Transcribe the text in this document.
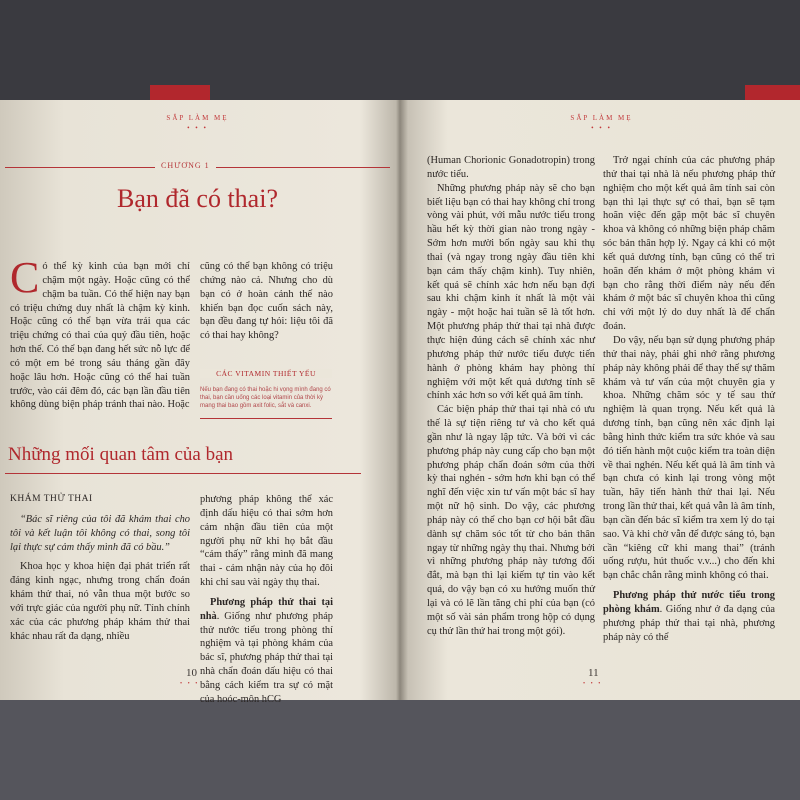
SẮP LÀM MẸ
• • •
CHƯƠNG 1
Bạn đã có thai?

Có thể kỳ kinh của bạn mới chỉ chậm một ngày. Hoặc cũng có thể chậm ba tuần. Có thể hiện nay bạn có triệu chứng duy nhất là chậm kỳ kinh. Hoặc cũng có thể bạn vừa trải qua các triệu chứng có thai của quý đầu tiên, hoặc hơn thế. Có thể bạn đang hết sức nỗ lực để có một em bé trong sáu tháng gần đây hoặc lâu hơn. Hoặc cũng có thể hai tuần trước, vào cái đêm đó, các bạn lần đầu tiên không dùng biện pháp tránh thai nào. Hoặc

cũng có thể bạn không có triệu chứng nào cả. Nhưng cho dù bạn có ở hoàn cảnh thế nào khiến bạn đọc cuốn sách này, bạn đều đang tự hỏi: liệu tôi đã có thai hay không?

CÁC VITAMIN THIẾT YẾU
Nếu bạn đang có thai hoặc hi vọng mình đang có thai, bạn cần uống các loại vitamin của thời kỳ mang thai bao gồm axit folic, sắt và canxi.
Những mối quan tâm của bạn

KHÁM THỬ THAI

“Bác sĩ riêng của tôi đã khám thai cho tôi và kết luận tôi không có thai, song tôi lại thực sự cảm thấy mình đã có bầu.”

Khoa học y khoa hiện đại phát triển rất đáng kinh ngạc, nhưng trong chẩn đoán khám thử thai, nó vẫn thua một bước so với trực giác của người phụ nữ. Tính chính xác của các phương pháp khám thử thai khác nhau rất đa dạng, nhiều

phương pháp không thể xác định dấu hiệu có thai sớm hơn cảm nhận đầu tiên của một người phụ nữ khi họ bắt đầu “cảm thấy” rằng mình đã mang thai - cảm nhận này của họ đôi khi chỉ sau vài ngày thụ thai.

Phương pháp thử thai tại nhà. Giống như phương pháp thử nước tiểu trong phòng thí nghiệm và tại phòng khám của bác sĩ, phương pháp thử thai tại nhà chẩn đoán dấu hiệu có thai bằng cách kiểm tra sự có mặt của hoóc-môn hCG

10
• • •
SẮP LÀM MẸ
• • •

(Human Chorionic Gonadotropin) trong nước tiểu.

Những phương pháp này sẽ cho bạn biết liệu bạn có thai hay không chỉ trong vòng vài phút, với mẫu nước tiểu trong hầu hết kỳ thời gian nào trong ngày - Sớm hơn mười bốn ngày sau khi thụ thai (và ngay trong ngày đầu tiên khi bạn cảm thấy chậm kinh). Tuy nhiên, kết quả sẽ chính xác hơn nếu bạn đợi sau khi chậm kinh ít nhất là một vài ngày - một hoặc hai tuần sẽ là tốt hơn. Một phương pháp thử thai tại nhà được thực hiện đúng cách sẽ chính xác như phương pháp thử nước tiểu được tiến hành ở phòng khám hay phòng thí nghiệm với một kết quả dương tính sẽ chính xác hơn so với kết quả âm tính.

Các biện pháp thử thai tại nhà có ưu thế là sự tiện riêng tư và cho kết quả gần như là ngay lập tức. Và bởi vì các phương pháp này cung cấp cho bạn một phương pháp chẩn đoán sớm của thời kỳ thai nghén - sớm hơn khi bạn có thể nghĩ đến việc xin tư vấn một bác sĩ hay một nữ hộ sinh. Do vậy, các phương pháp này có thể cho bạn cơ hội bắt đầu dành sự chăm sóc tốt từ cho bản thân ngay từ những ngày thụ thai. Nhưng bởi vì những phương pháp này tương đối đắt, mà bạn thì lại kiếm tự tin vào kết quả, do vậy bạn có xu hướng muốn thử lại và có lẽ lần tăng chi phí của bạn (có một số vài sản phẩm trong hộp có dụng cụ thử lần thứ hai trong một gói).

Trở ngại chính của các phương pháp thử thai tại nhà là nếu phương pháp thử nghiệm cho một kết quả âm tính sai còn bạn thì lại thực sự có thai, bạn sẽ tạm hoãn việc đến gặp một bác sĩ chuyên khoa và không có những biện pháp chăm sóc bản thân hợp lý. Ngay cả khi có một kết quả dương tính, bạn cũng có thể trì hoãn đến khám ở một phòng khám vì bạn cho rằng thời điểm này nếu đến khám ở một bác sĩ chuyên khoa thì cũng chỉ với một lý do duy nhất là để chẩn đoán.

Do vậy, nếu bạn sử dụng phương pháp thử thai này, phải ghi nhớ rằng phương pháp này không phải để thay thế sự thăm khám và tư vấn của một chuyên gia y khoa. Những chăm sóc y tế sau thử nghiệm là quan trọng. Nếu kết quả là dương tính, bạn cũng nên xác định lại bằng hình thức kiểm tra sức khỏe và sau đó tiến hành một cuộc kiểm tra toàn diện về thai nghén. Nếu kết quả là âm tính và bạn chưa có kinh lại trong vòng một tuần, hãy tiến hành thử thai lại. Nếu trong lần thử thai, kết quả vẫn là âm tính, bạn cần đến bác sĩ kiểm tra xem lý do tại sao. Và khi chờ vẫn để được sáng tỏ, bạn cần “kiêng cữ khi mang thai” (tránh uống rượu, hút thuốc v.v...) cho đến khi bạn chắc chắn rằng mình không có thai.

Phương pháp thử nước tiểu trong phòng khám. Giống như ở đa dạng của phương pháp thử thai tại nhà, phương pháp này có thể

11
• • •
